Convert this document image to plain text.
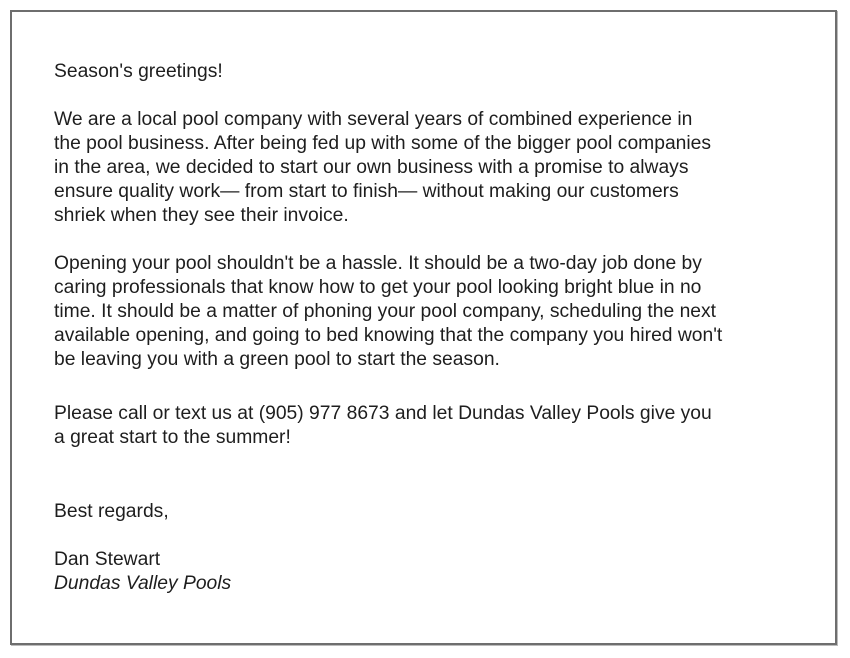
Season's greetings!
We are a local pool company with several years of combined experience in
the pool business. After being fed up with some of the bigger pool companies
in the area, we decided to start our own business with a promise to always
ensure quality work— from start to finish— without making our customers
shriek when they see their invoice.
Opening your pool shouldn't be a hassle. It should be a two-day job done by
caring professionals that know how to get your pool looking bright blue in no
time. It should be a matter of phoning your pool company, scheduling the next
available opening, and going to bed knowing that the company you hired won't
be leaving you with a green pool to start the season.
Please call or text us at (905) 977 8673 and let Dundas Valley Pools give you
a great start to the summer!
Best regards,
Dan Stewart
Dundas Valley Pools
